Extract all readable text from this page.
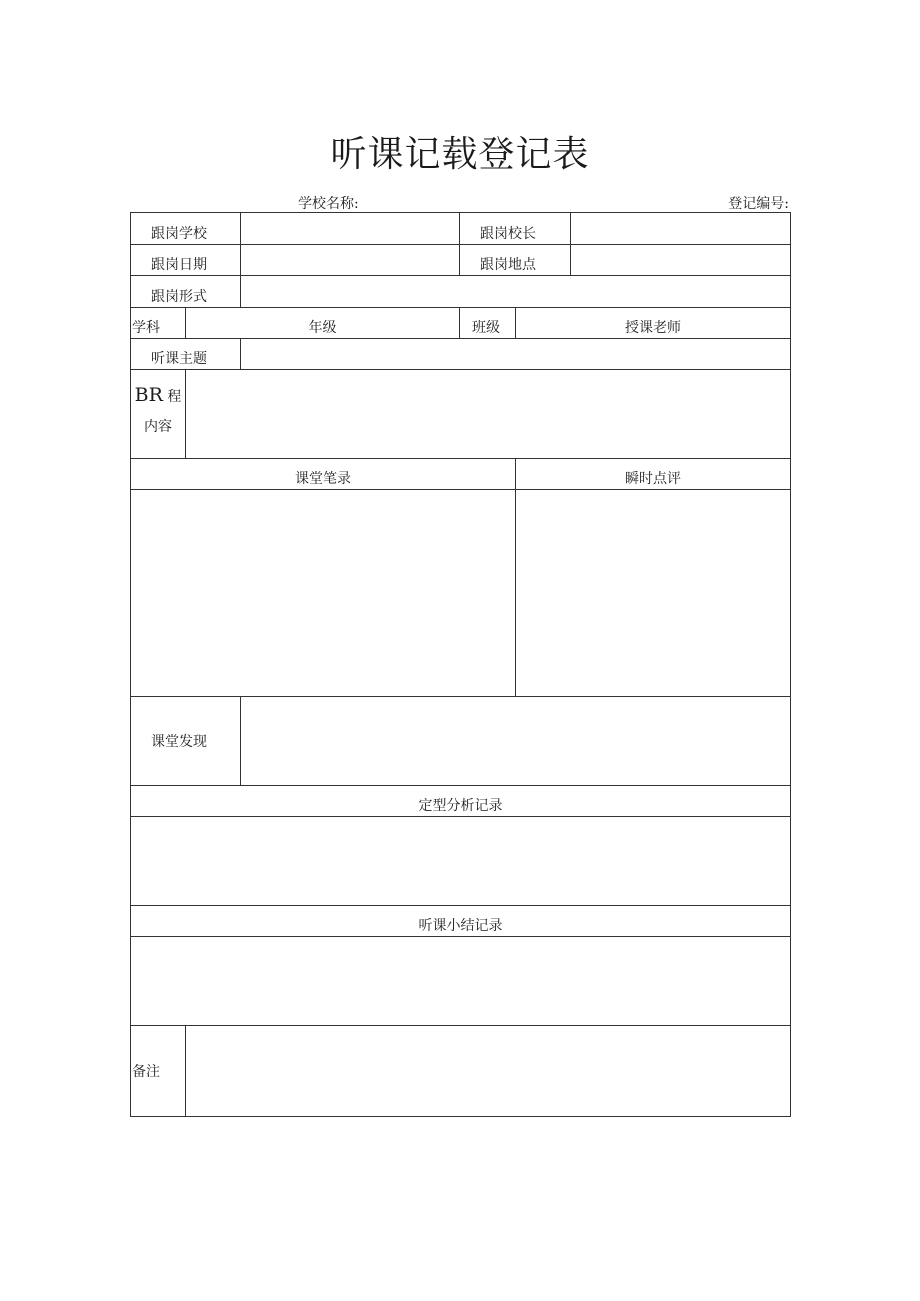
听课记载登记表
学校名称:	登记编号:
跟岗学校			跟岗校长		
跟岗日期			跟岗地点		
跟岗形式					
学科	年级		班级	授课老师	
听课主题					

BR 程
内容					

课堂笔录				瞬时点评	

课堂发现					
定型分析记录					

听课小结记录					

备注					
